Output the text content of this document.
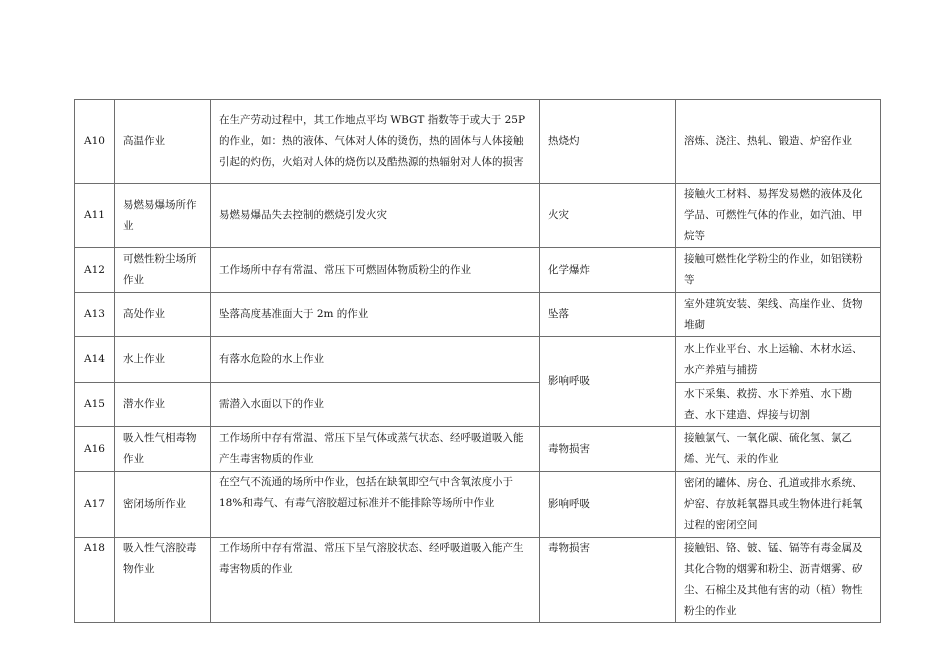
A10	高温作业	在生产劳动过程中，其工作地点平均 WBGT 指数等于或大于 25P 的作业，如：热的液体、气体对人体的烫伤，热的固体与人体接触引起的灼伤，火焰对人体的烧伤以及酷热源的热辐射对人体的损害	热烧灼	溶炼、浇注、热轧、锻造、炉窑作业
A11	易燃易爆场所作业	易燃易爆品失去控制的燃烧引发火灾	火灾	接触火工材料、易挥发易燃的液体及化学品、可燃性气体的作业，如汽油、甲烷等
A12	可燃性粉尘场所作业	工作场所中存有常温、常压下可燃固体物质粉尘的作业	化学爆炸	接触可燃性化学粉尘的作业，如铝镁粉等
A13	高处作业	坠落高度基准面大于 2m 的作业	坠落	室外建筑安装、架线、高崖作业、货物堆砌
A14	水上作业	有落水危险的水上作业	影响呼吸	水上作业平台、水上运输、木材水运、水产养殖与捕捞
A15	潜水作业	需潜入水面以下的作业		水下采集、救捞、水下养殖、水下勘查、水下建造、焊接与切割
A16	吸入性气相毒物作业	工作场所中存有常温、常压下呈气体或蒸气状态、经呼吸道吸入能产生毒害物质的作业	毒物损害	接触氯气、一氧化碳、硫化氢、氯乙烯、光气、汞的作业
A17	密闭场所作业	在空气不流通的场所中作业，包括在缺氧即空气中含氧浓度小于 18%和毒气、有毒气溶胶超过标准并不能排除等场所中作业	影响呼吸	密闭的罐体、房仓、孔道或排水系统、炉窑、存放耗氧器具或生物体进行耗氧过程的密闭空间
A18	吸入性气溶胶毒物作业	工作场所中存有常温、常压下呈气溶胶状态、经呼吸道吸入能产生毒害物质的作业	毒物损害	接触铝、铬、铍、锰、镉等有毒金属及其化合物的烟雾和粉尘、沥青烟雾、矽尘、石棉尘及其他有害的动（植）物性粉尘的作业
